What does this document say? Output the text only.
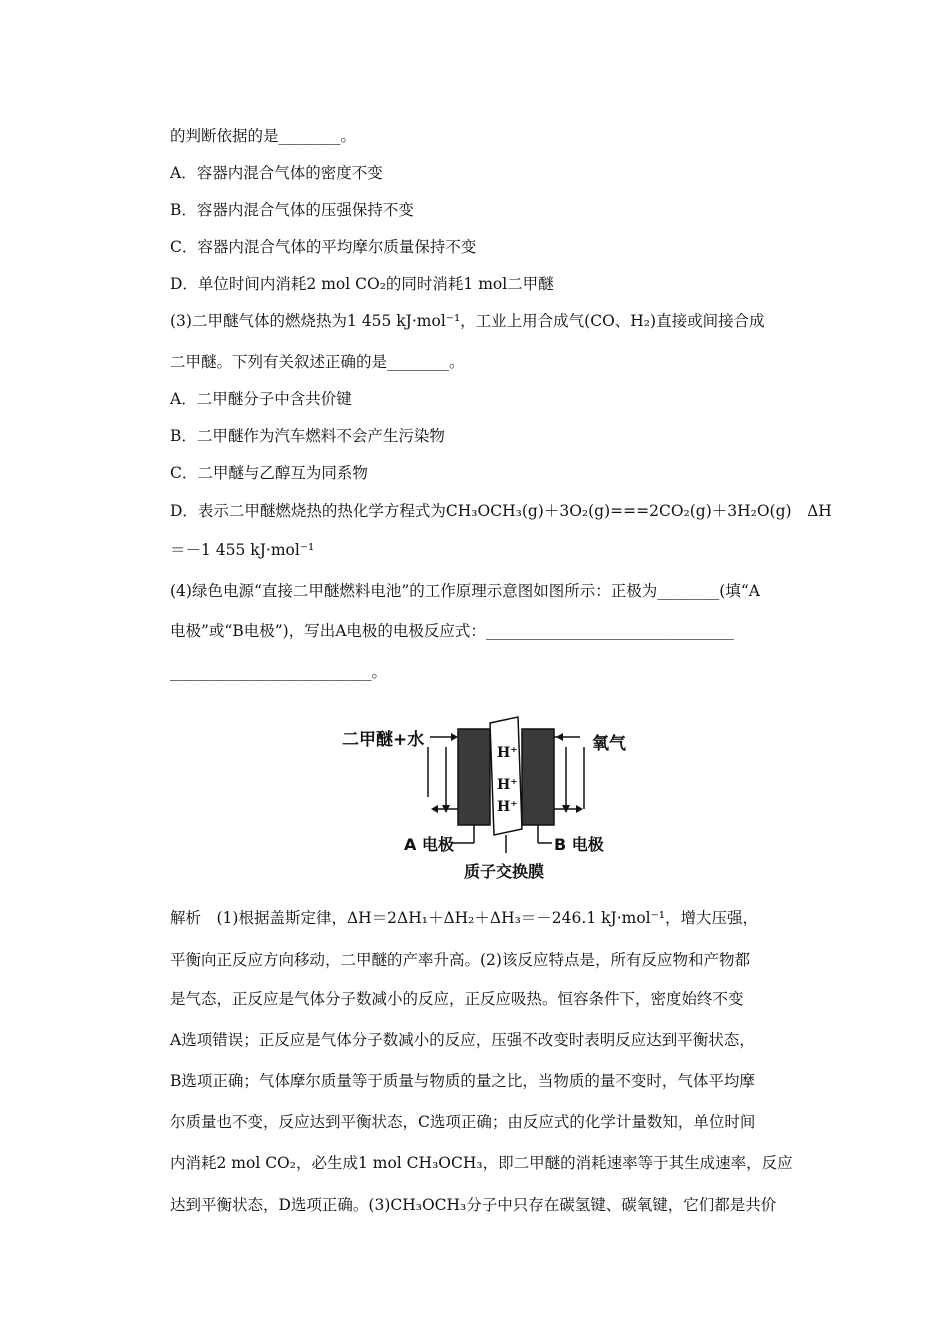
的判断依据的是________。
A．容器内混合气体的密度不变
B．容器内混合气体的压强保持不变
C．容器内混合气体的平均摩尔质量保持不变
D．单位时间内消耗2 mol CO₂的同时消耗1 mol二甲醚
(3)二甲醚气体的燃烧热为1 455 kJ·mol⁻¹，工业上用合成气(CO、H₂)直接或间接合成
二甲醚。下列有关叙述正确的是________。
A．二甲醚分子中含共价键
B．二甲醚作为汽车燃料不会产生污染物
C．二甲醚与乙醇互为同系物
D．表示二甲醚燃烧热的热化学方程式为CH₃OCH₃(g)＋3O₂(g)===2CO₂(g)＋3H₂O(g)　ΔH
＝－1 455 kJ·mol⁻¹
(4)绿色电源“直接二甲醚燃料电池”的工作原理示意图如图所示：正极为________(填“A
电极”或“B电极”)，写出A电极的电极反应式：________________________________
__________________________。
二甲醚+水	氧气
H⁺
H⁺
H⁺
A 电极	B 电极
质子交换膜
解析　(1)根据盖斯定律，ΔH＝2ΔH₁＋ΔH₂＋ΔH₃＝－246.1 kJ·mol⁻¹，增大压强，
平衡向正反应方向移动，二甲醚的产率升高。(2)该反应特点是，所有反应物和产物都
是气态，正反应是气体分子数减小的反应，正反应吸热。恒容条件下，密度始终不变
A选项错误；正反应是气体分子数减小的反应，压强不改变时表明反应达到平衡状态，
B选项正确；气体摩尔质量等于质量与物质的量之比，当物质的量不变时，气体平均摩
尔质量也不变，反应达到平衡状态，C选项正确；由反应式的化学计量数知，单位时间
内消耗2 mol CO₂，必生成1 mol CH₃OCH₃，即二甲醚的消耗速率等于其生成速率，反应
达到平衡状态，D选项正确。(3)CH₃OCH₃分子中只存在碳氢键、碳氧键，它们都是共价
